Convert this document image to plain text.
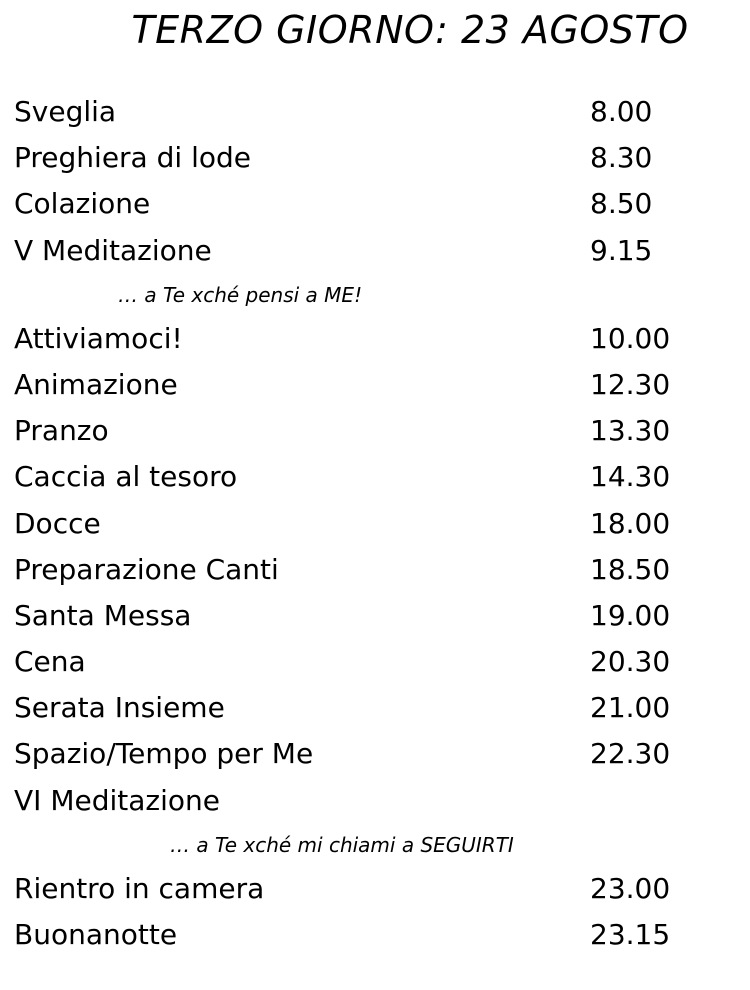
TERZO GIORNO: 23 AGOSTO
Sveglia	8.00
Preghiera di lode	8.30
Colazione	8.50
V Meditazione	9.15
… a Te xché pensi a ME!
Attiviamoci!	10.00
Animazione	12.30
Pranzo	13.30
Caccia al tesoro	14.30
Docce	18.00
Preparazione Canti	18.50
Santa Messa	19.00
Cena	20.30
Serata Insieme	21.00
Spazio/Tempo per Me	22.30
VI Meditazione
… a Te xché mi chiami a SEGUIRTI
Rientro in camera	23.00
Buonanotte	23.15
